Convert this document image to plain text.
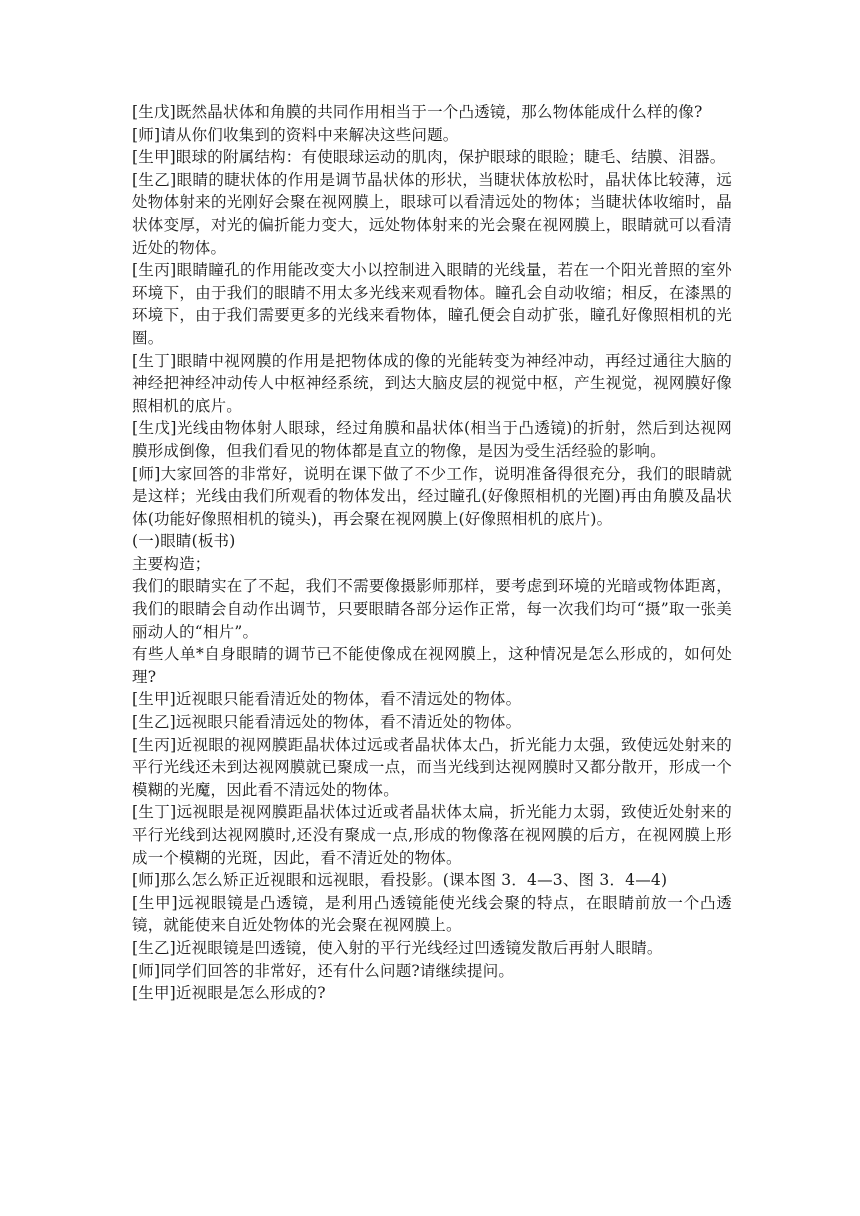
[生戊]既然晶状体和角膜的共同作用相当于一个凸透镜，那么物体能成什么样的像?

[师]请从你们收集到的资料中来解决这些问题。

[生甲]眼球的附属结构：有使眼球运动的肌肉，保护眼球的眼睑；睫毛、结膜、泪器。

[生乙]眼睛的睫状体的作用是调节晶状体的形状，当睫状体放松时，晶状体比较薄，远处物体射来的光刚好会聚在视网膜上，眼球可以看清远处的物体；当睫状体收缩时，晶状体变厚，对光的偏折能力变大，远处物体射来的光会聚在视网膜上，眼睛就可以看清近处的物体。

[生丙]眼睛瞳孔的作用能改变大小以控制进入眼睛的光线量，若在一个阳光普照的室外环境下，由于我们的眼睛不用太多光线来观看物体。瞳孔会自动收缩；相反，在漆黑的环境下，由于我们需要更多的光线来看物体，瞳孔便会自动扩张，瞳孔好像照相机的光圈。

[生丁]眼睛中视网膜的作用是把物体成的像的光能转变为神经冲动，再经过通往大脑的神经把神经冲动传人中枢神经系统，到达大脑皮层的视觉中枢，产生视觉，视网膜好像照相机的底片。

[生戊]光线由物体射人眼球，经过角膜和晶状体(相当于凸透镜)的折射，然后到达视网膜形成倒像，但我们看见的物体都是直立的物像，是因为受生活经验的影响。

[师]大家回答的非常好，说明在课下做了不少工作，说明准备得很充分，我们的眼睛就是这样；光线由我们所观看的物体发出，经过瞳孔(好像照相机的光圈)再由角膜及晶状体(功能好像照相机的镜头)，再会聚在视网膜上(好像照相机的底片)。

(一)眼睛(板书)

主要构造；

我们的眼睛实在了不起，我们不需要像摄影师那样，要考虑到环境的光暗或物体距离，我们的眼睛会自动作出调节，只要眼睛各部分运作正常，每一次我们均可“摄”取一张美丽动人的“相片”。

有些人单*自身眼睛的调节已不能使像成在视网膜上，这种情况是怎么形成的，如何处理?

[生甲]近视眼只能看清近处的物体，看不清远处的物体。

[生乙]远视眼只能看清远处的物体，看不清近处的物体。

[生丙]近视眼的视网膜距晶状体过远或者晶状体太凸，折光能力太强，致使远处射来的平行光线还未到达视网膜就已聚成一点，而当光线到达视网膜时又都分散开，形成一个模糊的光魔，因此看不清远处的物体。

[生丁]远视眼是视网膜距晶状体过近或者晶状体太扁，折光能力太弱，致使近处射来的平行光线到达视网膜时,还没有聚成一点,形成的物像落在视网膜的后方，在视网膜上形成一个模糊的光斑，因此，看不清近处的物体。

[师]那么怎么矫正近视眼和远视眼，看投影。(课本图 3．4—3、图 3．4—4)

[生甲]远视眼镜是凸透镜，是利用凸透镜能使光线会聚的特点，在眼睛前放一个凸透镜，就能使来自近处物体的光会聚在视网膜上。

[生乙]近视眼镜是凹透镜，使入射的平行光线经过凹透镜发散后再射人眼睛。

[师]同学们回答的非常好，还有什么问题?请继续提问。

[生甲]近视眼是怎么形成的?
